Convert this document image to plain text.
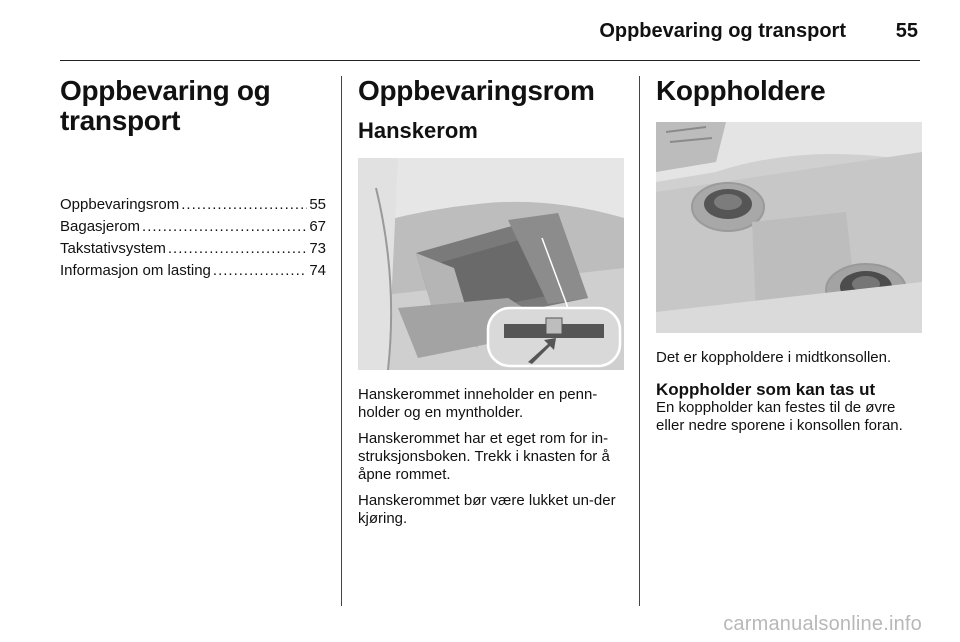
Oppbevaring og transport 55
Oppbevaring og
transport
Oppbevaringsrom .....	55
Bagasjerom .....	67
Takstativsystem .....	73
Informasjon om lasting .....	74
Oppbevaringsrom
Hanskerom

Hanskerommet inneholder en penn-holder og en myntholder.

Hanskerommet har et eget rom for in-struksjonsboken. Trekk i knasten for å åpne rommet.

Hanskerommet bør være lukket un-der kjøring.

Koppholdere

Det er koppholdere i midtkonsollen.

Koppholder som kan tas ut

En koppholder kan festes til de øvre eller nedre sporene i konsollen foran.

carmanualsonline.info
